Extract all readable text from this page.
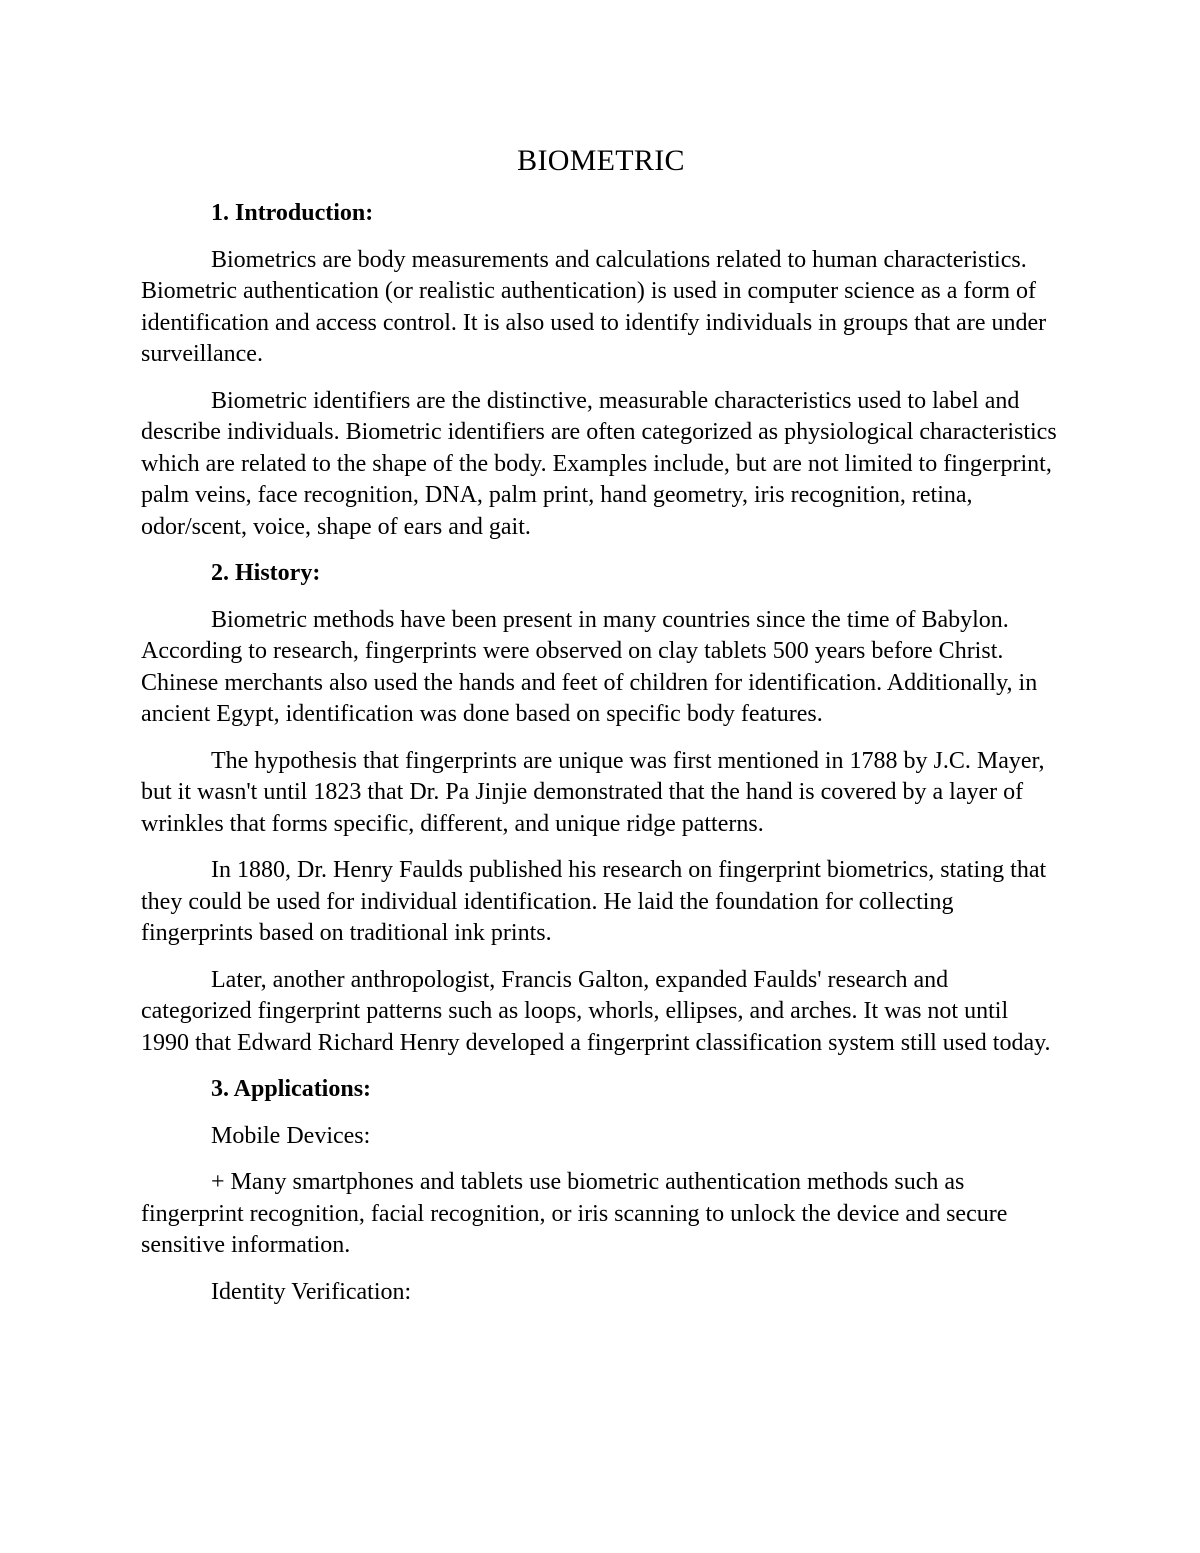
BIOMETRIC
1. Introduction:

Biometrics are body measurements and calculations related to human characteristics. Biometric authentication (or realistic authentication) is used in computer science as a form of identification and access control. It is also used to identify individuals in groups that are under surveillance.

Biometric identifiers are the distinctive, measurable characteristics used to label and describe individuals. Biometric identifiers are often categorized as physiological characteristics which are related to the shape of the body. Examples include, but are not limited to fingerprint, palm veins, face recognition, DNA, palm print, hand geometry, iris recognition, retina, odor/scent, voice, shape of ears and gait.

2. History:

Biometric methods have been present in many countries since the time of Babylon. According to research, fingerprints were observed on clay tablets 500 years before Christ. Chinese merchants also used the hands and feet of children for identification. Additionally, in ancient Egypt, identification was done based on specific body features.

The hypothesis that fingerprints are unique was first mentioned in 1788 by J.C. Mayer, but it wasn't until 1823 that Dr. Pa Jinjie demonstrated that the hand is covered by a layer of wrinkles that forms specific, different, and unique ridge patterns.

In 1880, Dr. Henry Faulds published his research on fingerprint biometrics, stating that they could be used for individual identification. He laid the foundation for collecting fingerprints based on traditional ink prints.

Later, another anthropologist, Francis Galton, expanded Faulds' research and categorized fingerprint patterns such as loops, whorls, ellipses, and arches. It was not until 1990 that Edward Richard Henry developed a fingerprint classification system still used today.

3. Applications:
Mobile Devices:

+ Many smartphones and tablets use biometric authentication methods such as fingerprint recognition, facial recognition, or iris scanning to unlock the device and secure sensitive information.

Identity Verification:
